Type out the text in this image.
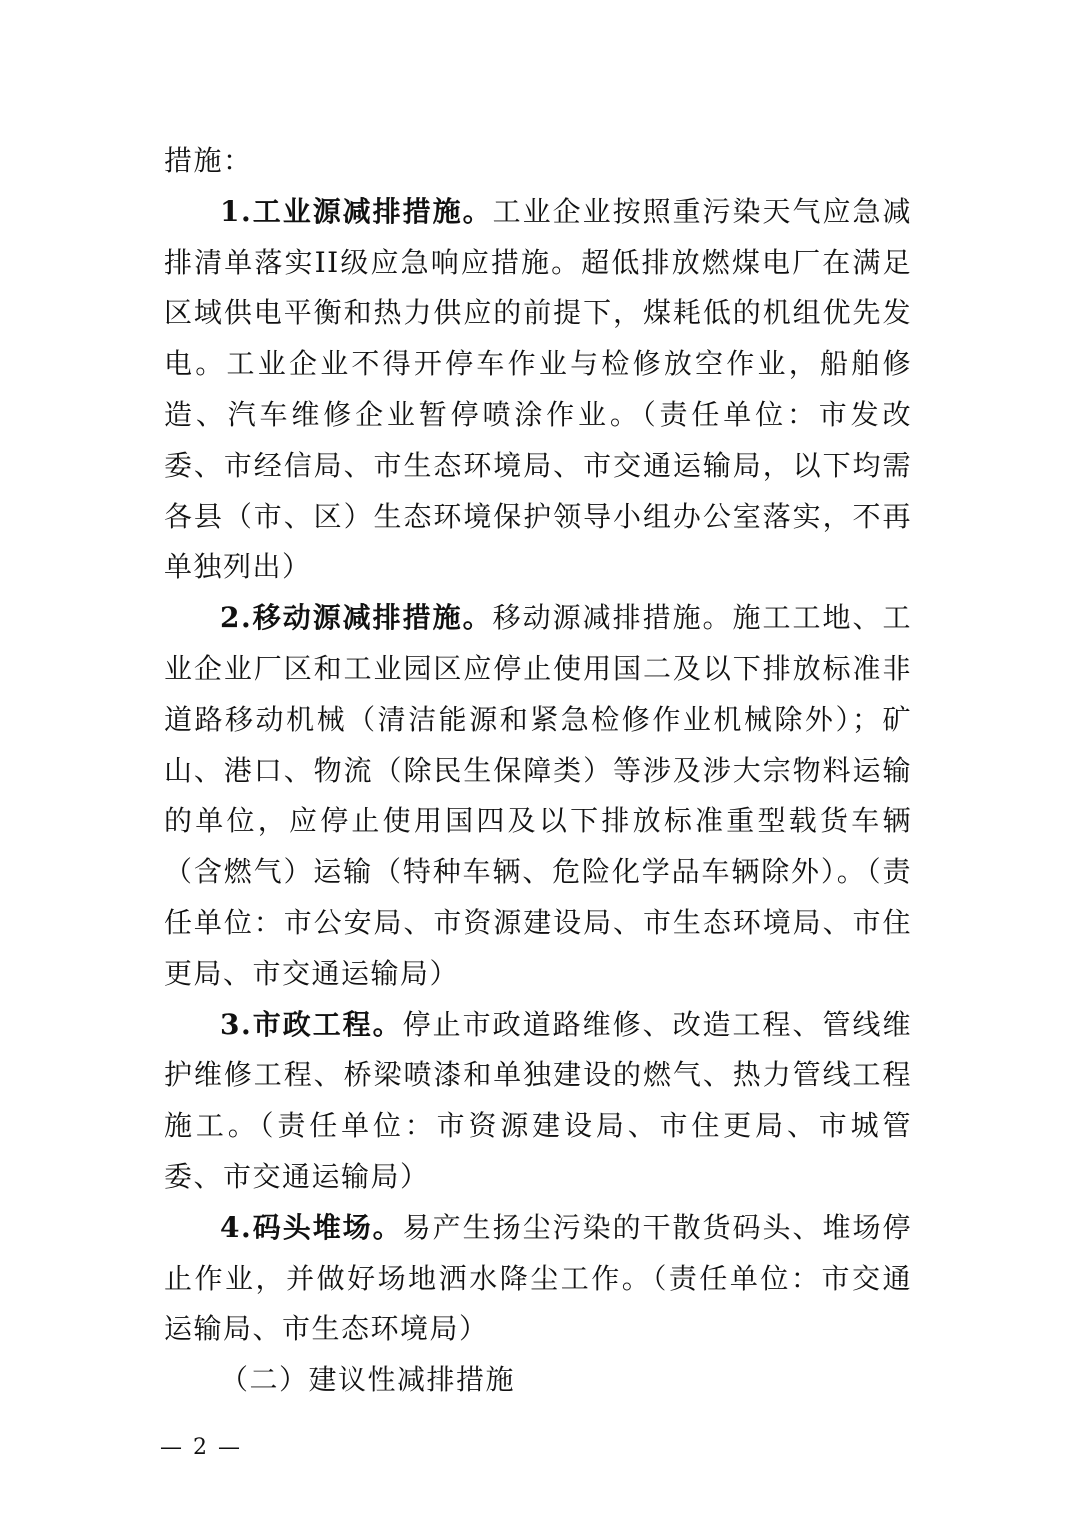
措施：

1.工业源减排措施。工业企业按照重污染天气应急减排清单落实II级应急响应措施。超低排放燃煤电厂在满足区域供电平衡和热力供应的前提下，煤耗低的机组优先发电。工业企业不得开停车作业与检修放空作业，船舶修造、汽车维修企业暂停喷涂作业。（责任单位：市发改委、市经信局、市生态环境局、市交通运输局，以下均需各县（市、区）生态环境保护领导小组办公室落实，不再单独列出）

2.移动源减排措施。移动源减排措施。施工工地、工业企业厂区和工业园区应停止使用国二及以下排放标准非道路移动机械（清洁能源和紧急检修作业机械除外）；矿山、港口、物流（除民生保障类）等涉及涉大宗物料运输的单位，应停止使用国四及以下排放标准重型载货车辆（含燃气）运输（特种车辆、危险化学品车辆除外）。（责任单位：市公安局、市资源建设局、市生态环境局、市住更局、市交通运输局）

3.市政工程。停止市政道路维修、改造工程、管线维护维修工程、桥梁喷漆和单独建设的燃气、热力管线工程施工。（责任单位：市资源建设局、市住更局、市城管委、市交通运输局）

4.码头堆场。易产生扬尘污染的干散货码头、堆场停止作业，并做好场地洒水降尘工作。（责任单位：市交通运输局、市生态环境局）

（二）建议性减排措施

— 2 —
